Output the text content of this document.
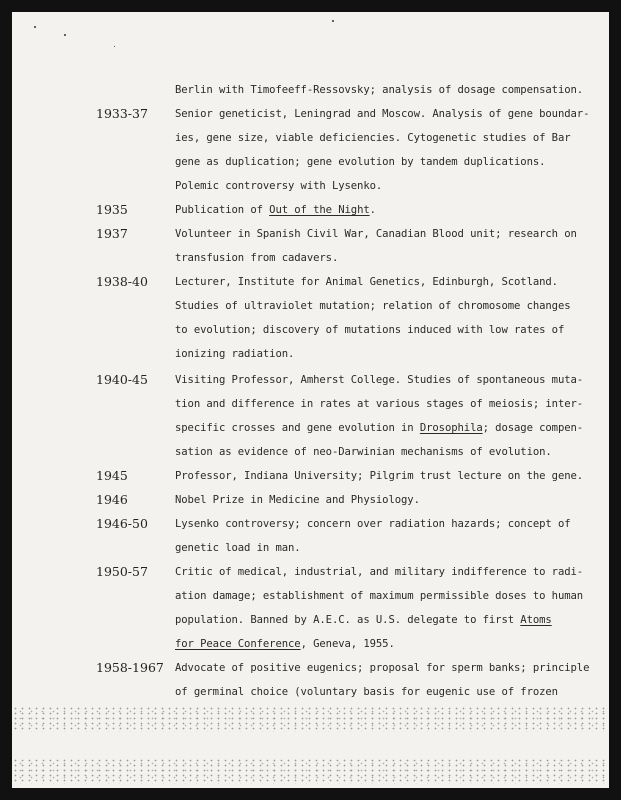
Berlin with Timofeeff-Ressovsky; analysis of dosage compensation.
1933-37	Senior geneticist, Leningrad and Moscow. Analysis of gene boundar-
ies, gene size, viable deficiencies. Cytogenetic studies of Bar
gene as duplication; gene evolution by tandem duplications.
Polemic controversy with Lysenko.
1935	Publication of Out of the Night.
1937	Volunteer in Spanish Civil War, Canadian Blood unit; research on
transfusion from cadavers.
1938-40	Lecturer, Institute for Animal Genetics, Edinburgh, Scotland.
Studies of ultraviolet mutation; relation of chromosome changes
to evolution; discovery of mutations induced with low rates of
ionizing radiation.
1940-45	Visiting Professor, Amherst College. Studies of spontaneous muta-
tion and difference in rates at various stages of meiosis; inter-
specific crosses and gene evolution in Drosophila; dosage compen-
sation as evidence of neo-Darwinian mechanisms of evolution.
1945	Professor, Indiana University; Pilgrim trust lecture on the gene.
1946	Nobel Prize in Medicine and Physiology.
1946-50	Lysenko controversy; concern over radiation hazards; concept of
genetic load in man.
1950-57	Critic of medical, industrial, and military indifference to radi-
ation damage; establishment of maximum permissible doses to human
population. Banned by A.E.C. as U.S. delegate to first Atoms
for Peace Conference, Geneva, 1955.
1958-1967 Advocate of positive eugenics; proposal for sperm banks; principle
of germinal choice (voluntary basis for eugenic use of frozen
